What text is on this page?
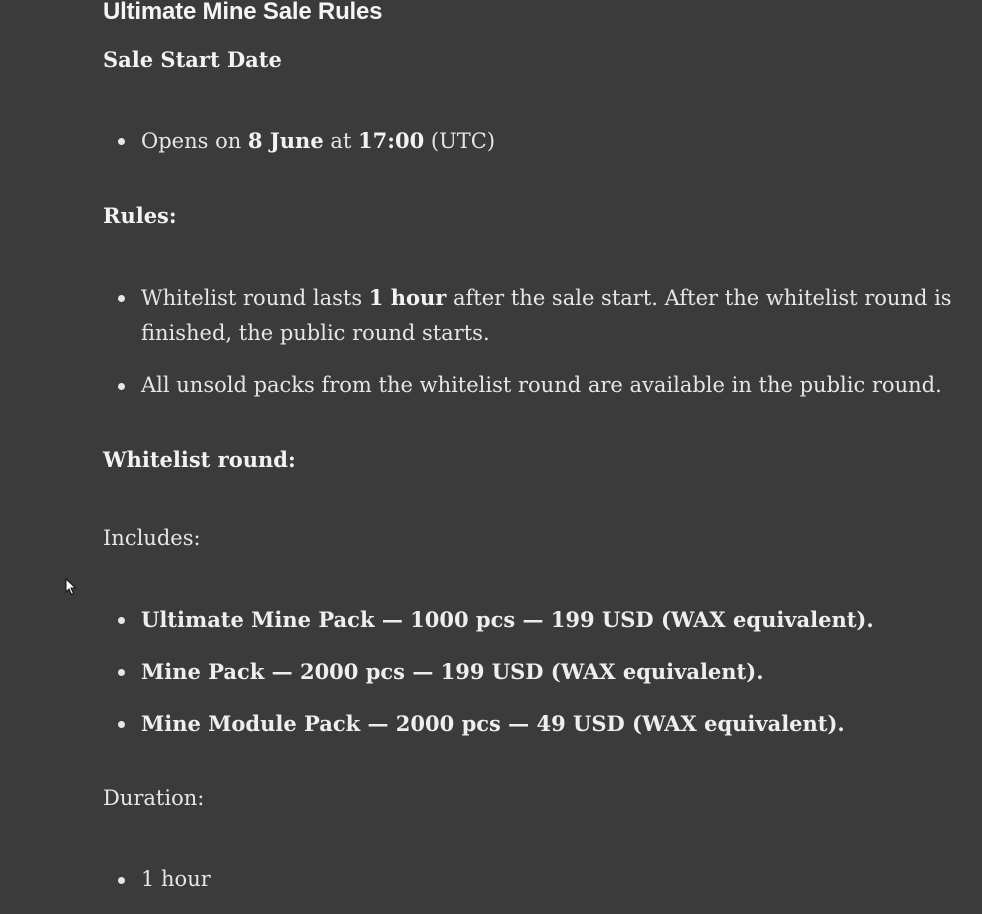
Ultimate Mine Sale Rules
Sale Start Date
Opens on 8 June at 17:00 (UTC)
Rules:
Whitelist round lasts 1 hour after the sale start. After the whitelist round is finished, the public round starts.
All unsold packs from the whitelist round are available in the public round.
Whitelist round:
Includes:
Ultimate Mine Pack — 1000 pcs — 199 USD (WAX equivalent).
Mine Pack — 2000 pcs — 199 USD (WAX equivalent).
Mine Module Pack — 2000 pcs — 49 USD (WAX equivalent).
Duration:
1 hour
